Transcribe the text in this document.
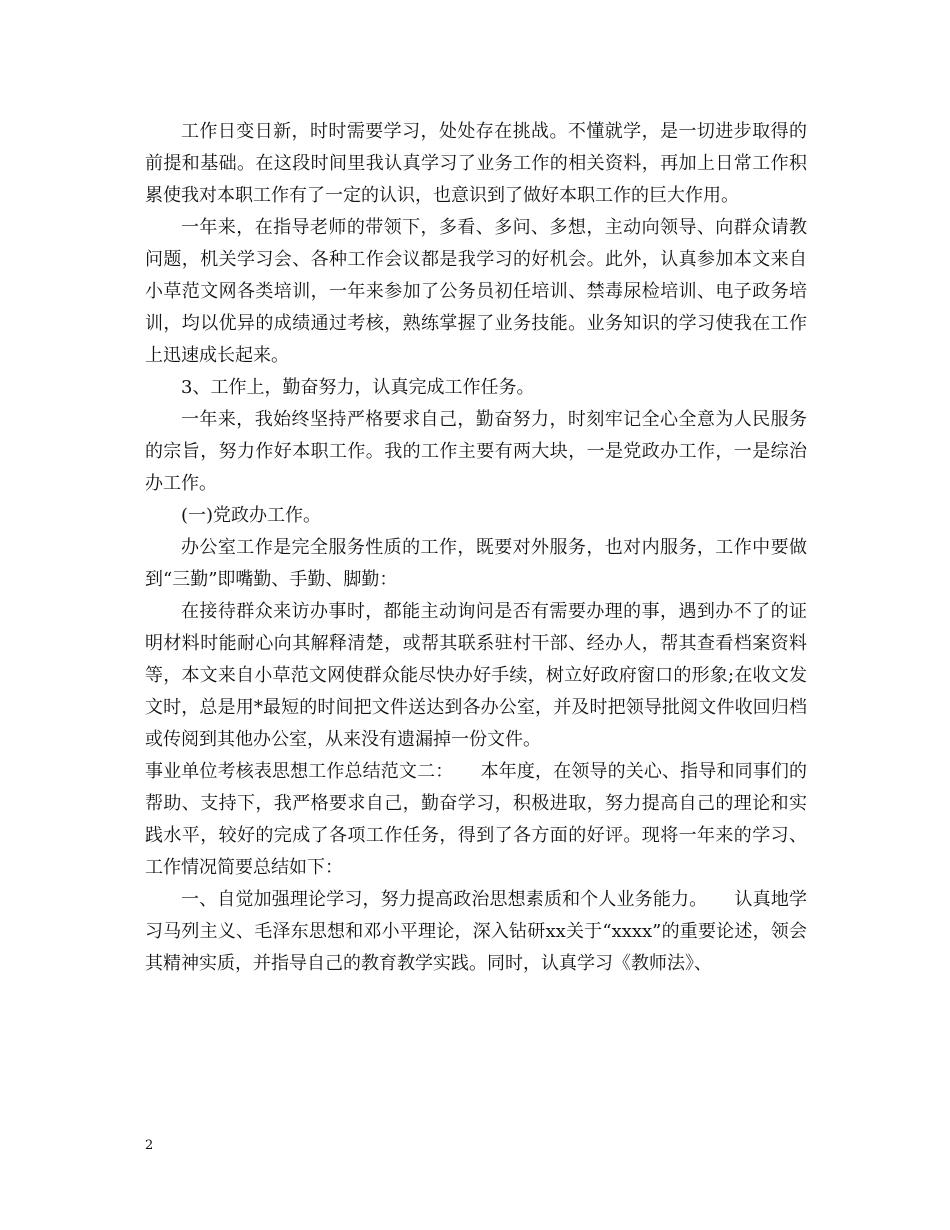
工作日变日新，时时需要学习，处处存在挑战。不懂就学，是一切进步取得的前提和基础。在这段时间里我认真学习了业务工作的相关资料，再加上日常工作积累使我对本职工作有了一定的认识，也意识到了做好本职工作的巨大作用。

一年来，在指导老师的带领下，多看、多问、多想，主动向领导、向群众请教问题，机关学习会、各种工作会议都是我学习的好机会。此外，认真参加本文来自小草范文网各类培训，一年来参加了公务员初任培训、禁毒尿检培训、电子政务培训，均以优异的成绩通过考核，熟练掌握了业务技能。业务知识的学习使我在工作上迅速成长起来。

3、工作上，勤奋努力，认真完成工作任务。

一年来，我始终坚持严格要求自己，勤奋努力，时刻牢记全心全意为人民服务的宗旨，努力作好本职工作。我的工作主要有两大块，一是党政办工作，一是综治办工作。

(一)党政办工作。

办公室工作是完全服务性质的工作，既要对外服务，也对内服务，工作中要做到“三勤”即嘴勤、手勤、脚勤：

在接待群众来访办事时，都能主动询问是否有需要办理的事，遇到办不了的证明材料时能耐心向其解释清楚，或帮其联系驻村干部、经办人，帮其查看档案资料等，本文来自小草范文网使群众能尽快办好手续，树立好政府窗口的形象;在收文发文时，总是用*最短的时间把文件送达到各办公室，并及时把领导批阅文件收回归档或传阅到其他办公室，从来没有遗漏掉一份文件。

事业单位考核表思想工作总结范文二：　　本年度，在领导的关心、指导和同事们的帮助、支持下，我严格要求自己，勤奋学习，积极进取，努力提高自己的理论和实践水平，较好的完成了各项工作任务，得到了各方面的好评。现将一年来的学习、工作情况简要总结如下：

一、自觉加强理论学习，努力提高政治思想素质和个人业务能力。　　认真地学习马列主义、毛泽东思想和邓小平理论，深入钻研xx关于“xxxx”的重要论述，领会其精神实质，并指导自己的教育教学实践。同时，认真学习《教师法》、

2
